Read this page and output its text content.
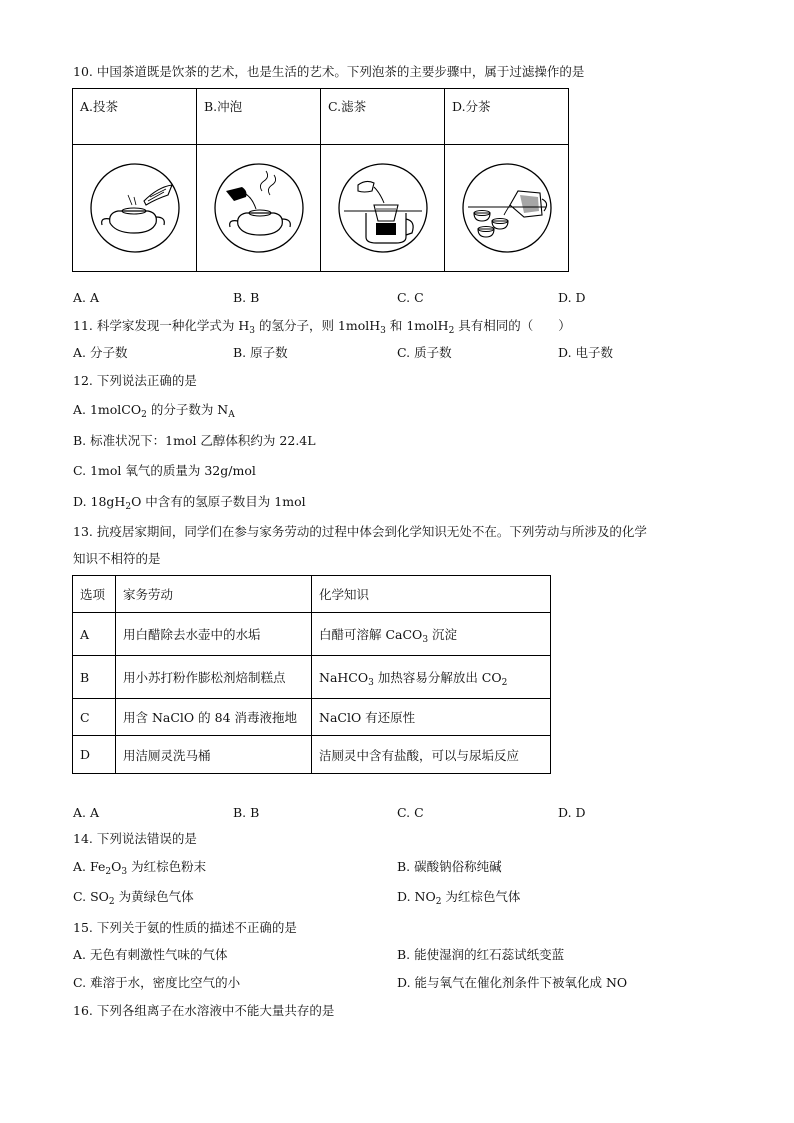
10. 中国茶道既是饮茶的艺术，也是生活的艺术。下列泡茶的主要步骤中，属于过滤操作的是
A.投茶	B.冲泡	C.滤茶	D.分茶

A. A	B. B	C. C	D. D
11. 科学家发现一种化学式为 $H_3$ 的氢分子，则 1molH$_3$ 和 1molH$_2$ 具有相同的（　　）
A. 分子数	B. 原子数	C. 质子数	D. 电子数
12. 下列说法正确的是
A. 1molCO$_2$ 的分子数为 $N_A$
B. 标准状况下：1mol 乙醇体积约为 22.4L
C. 1mol 氧气的质量为 32g/mol
D. $18gH_2O$ 中含有的氢原子数目为 1mol
13. 抗疫居家期间，同学们在参与家务劳动的过程中体会到化学知识无处不在。下列劳动与所涉及的化学
知识不相符的是
选项	家务劳动	化学知识
A	用白醋除去水壶中的水垢	白醋可溶解 CaCO$_3$ 沉淀
B	用小苏打粉作膨松剂焙制糕点	NaHCO$_3$ 加热容易分解放出 $CO_2$
C	用含 NaClO 的 84 消毒液拖地	NaClO 有还原性
D	用洁厕灵洗马桶	洁厕灵中含有盐酸，可以与尿垢反应
A. A	B. B	C. C	D. D
14. 下列说法错误的是
A. $Fe_2O_3$ 为红棕色粉末	B. 碳酸钠俗称纯碱
C. $SO_2$ 为黄绿色气体	D. $NO_2$ 为红棕色气体
15. 下列关于氨的性质的描述不正确的是
A. 无色有刺激性气味的气体	B. 能使湿润的红石蕊试纸变蓝
C. 难溶于水，密度比空气的小	D. 能与氧气在催化剂条件下被氧化成 NO
16. 下列各组离子在水溶液中不能大量共存的是
